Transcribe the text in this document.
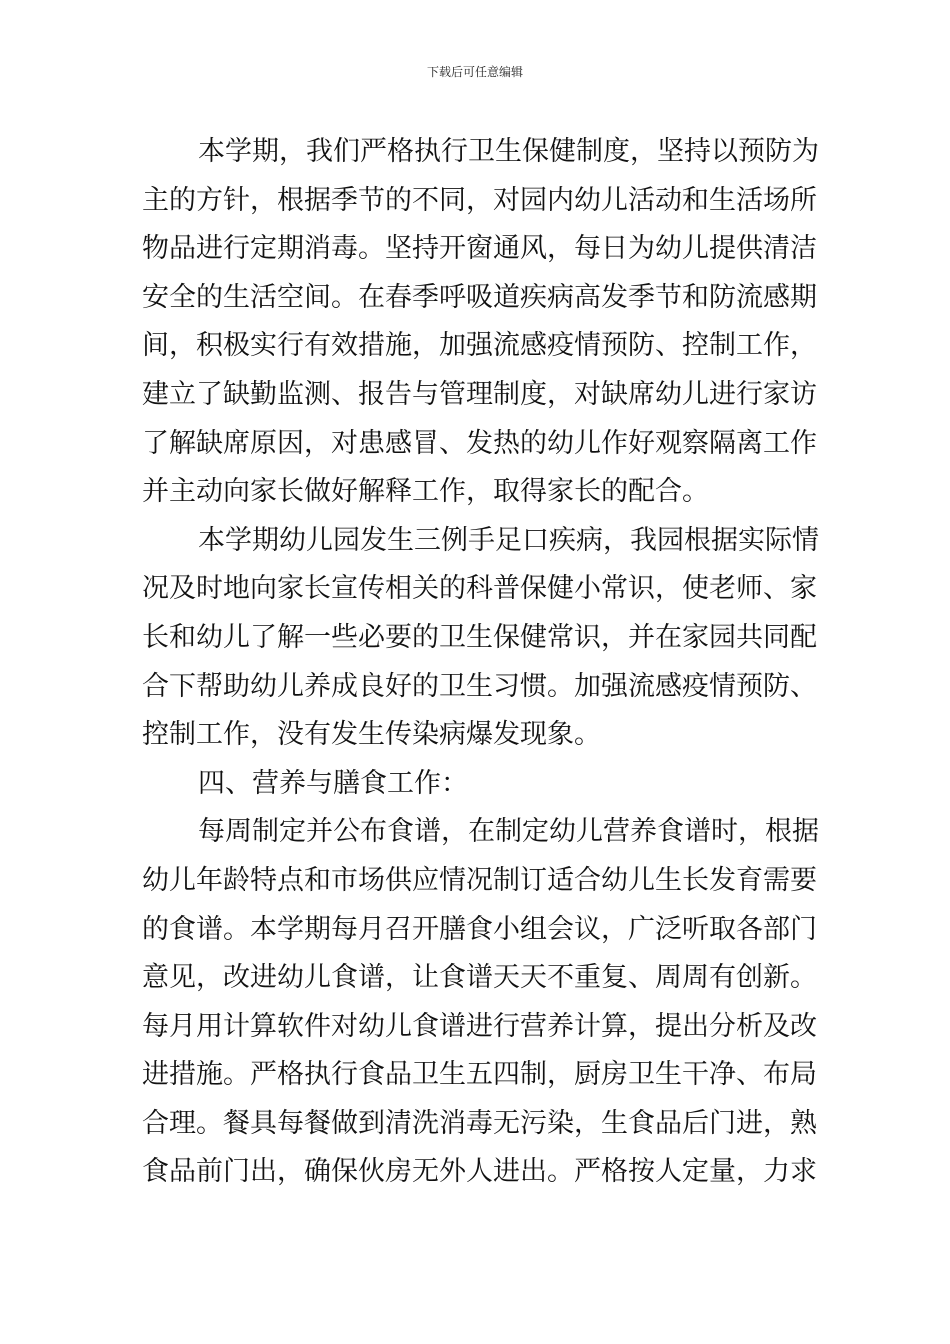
下载后可任意编辑
本学期，我们严格执行卫生保健制度，坚持以预防为
主的方针，根据季节的不同，对园内幼儿活动和生活场所
物品进行定期消毒。坚持开窗通风，每日为幼儿提供清洁
安全的生活空间。在春季呼吸道疾病高发季节和防流感期
间，积极实行有效措施，加强流感疫情预防、控制工作，
建立了缺勤监测、报告与管理制度，对缺席幼儿进行家访
了解缺席原因，对患感冒、发热的幼儿作好观察隔离工作
并主动向家长做好解释工作，取得家长的配合。
本学期幼儿园发生三例手足口疾病，我园根据实际情
况及时地向家长宣传相关的科普保健小常识，使老师、家
长和幼儿了解一些必要的卫生保健常识，并在家园共同配
合下帮助幼儿养成良好的卫生习惯。加强流感疫情预防、
控制工作，没有发生传染病爆发现象。
四、营养与膳食工作：
每周制定并公布食谱，在制定幼儿营养食谱时，根据
幼儿年龄特点和市场供应情况制订适合幼儿生长发育需要
的食谱。本学期每月召开膳食小组会议，广泛听取各部门
意见，改进幼儿食谱，让食谱天天不重复、周周有创新。
每月用计算软件对幼儿食谱进行营养计算，提出分析及改
进措施。严格执行食品卫生五四制，厨房卫生干净、布局
合理。餐具每餐做到清洗消毒无污染，生食品后门进，熟
食品前门出，确保伙房无外人进出。严格按人定量，力求
